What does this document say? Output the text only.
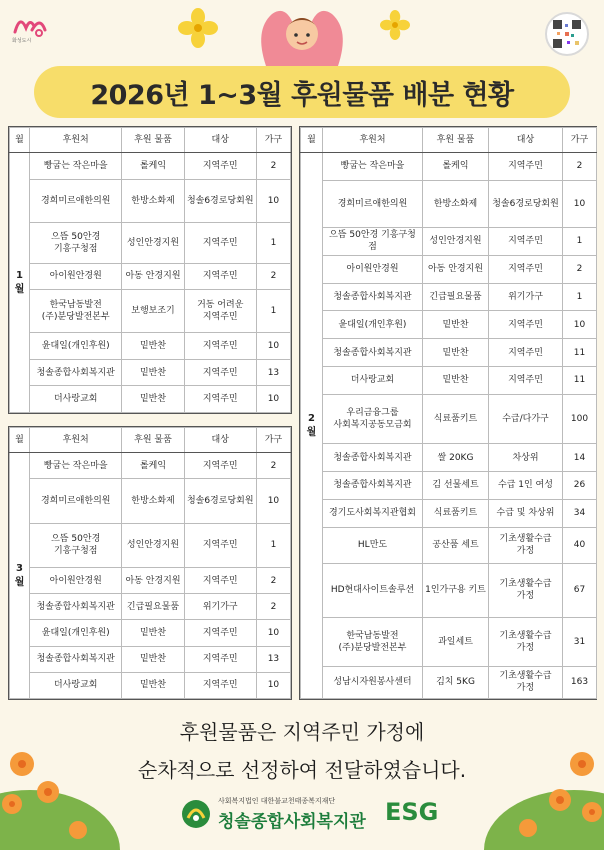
화성도시
2026년 1~3월 후원물품 배분 현황
월	후원처	후원 물품	대상	가구

1
월	빵굽는 작은마을	롤케익	지역주민	2
	경희미르애한의원	한방소화제	청솔6경로당회원	10
	으뜸 50안경
기흥구청점	성인안경지원	지역주민	1
	아이원안경원	아동 안경지원	지역주민	2
	한국남동발전
(주)분당발전본부	보행보조기	거동 어려운
지역주민	1
	윤대일(개인후원)	밑반찬	지역주민	10
	청솔종합사회복지관	밑반찬	지역주민	13
	더사랑교회	밑반찬	지역주민	10
월	후원처	후원 물품	대상	가구

3
월	빵굽는 작은마을	롤케익	지역주민	2
	경희미르애한의원	한방소화제	청솔6경로당회원	10
	으뜸 50안경
기흥구청점	성인안경지원	지역주민	1
	아이원안경원	아동 안경지원	지역주민	2
	청솔종합사회복지관	긴급필요물품	위기가구	2
	윤대일(개인후원)	밑반찬	지역주민	10
	청솔종합사회복지관	밑반찬	지역주민	13
	더사랑교회	밑반찬	지역주민	10
월	후원처	후원 물품	대상	가구

2
월	빵굽는 작은마을	롤케익	지역주민	2
	경희미르애한의원	한방소화제	청솔6경로당회원	10
	으뜸 50안경 기흥구청점	성인안경지원	지역주민	1
	아이원안경원	아동 안경지원	지역주민	2
	청솔종합사회복지관	긴급필요물품	위기가구	1
	윤대일(개인후원)	밑반찬	지역주민	10
	청솔종합사회복지관	밑반찬	지역주민	11
	더사랑교회	밑반찬	지역주민	11
	우리금융그룹
사회복지공동모금회	식료품키트	수급/다가구	100
	청솔종합사회복지관	쌀 20KG	차상위	14
	청솔종합사회복지관	김 선물세트	수급 1인 여성	26
	경기도사회복지관협회	식료품키트	수급 및 차상위	34
	HL만도	공산품 세트	기초생활수급
가정	40
	HD현대사이트솔루션	1인가구용 키트	기초생활수급
가정	67
	한국남동발전
(주)분당발전본부	과일세트	기초생활수급
가정	31
	성남시자원봉사센터	김치 5KG	기초생활수급
가정	163
후원물품은 지역주민 가정에
순차적으로 선정하여 전달하였습니다.
사회복지법인 대한불교천태종복지재단
청솔종합사회복지관 ESG
